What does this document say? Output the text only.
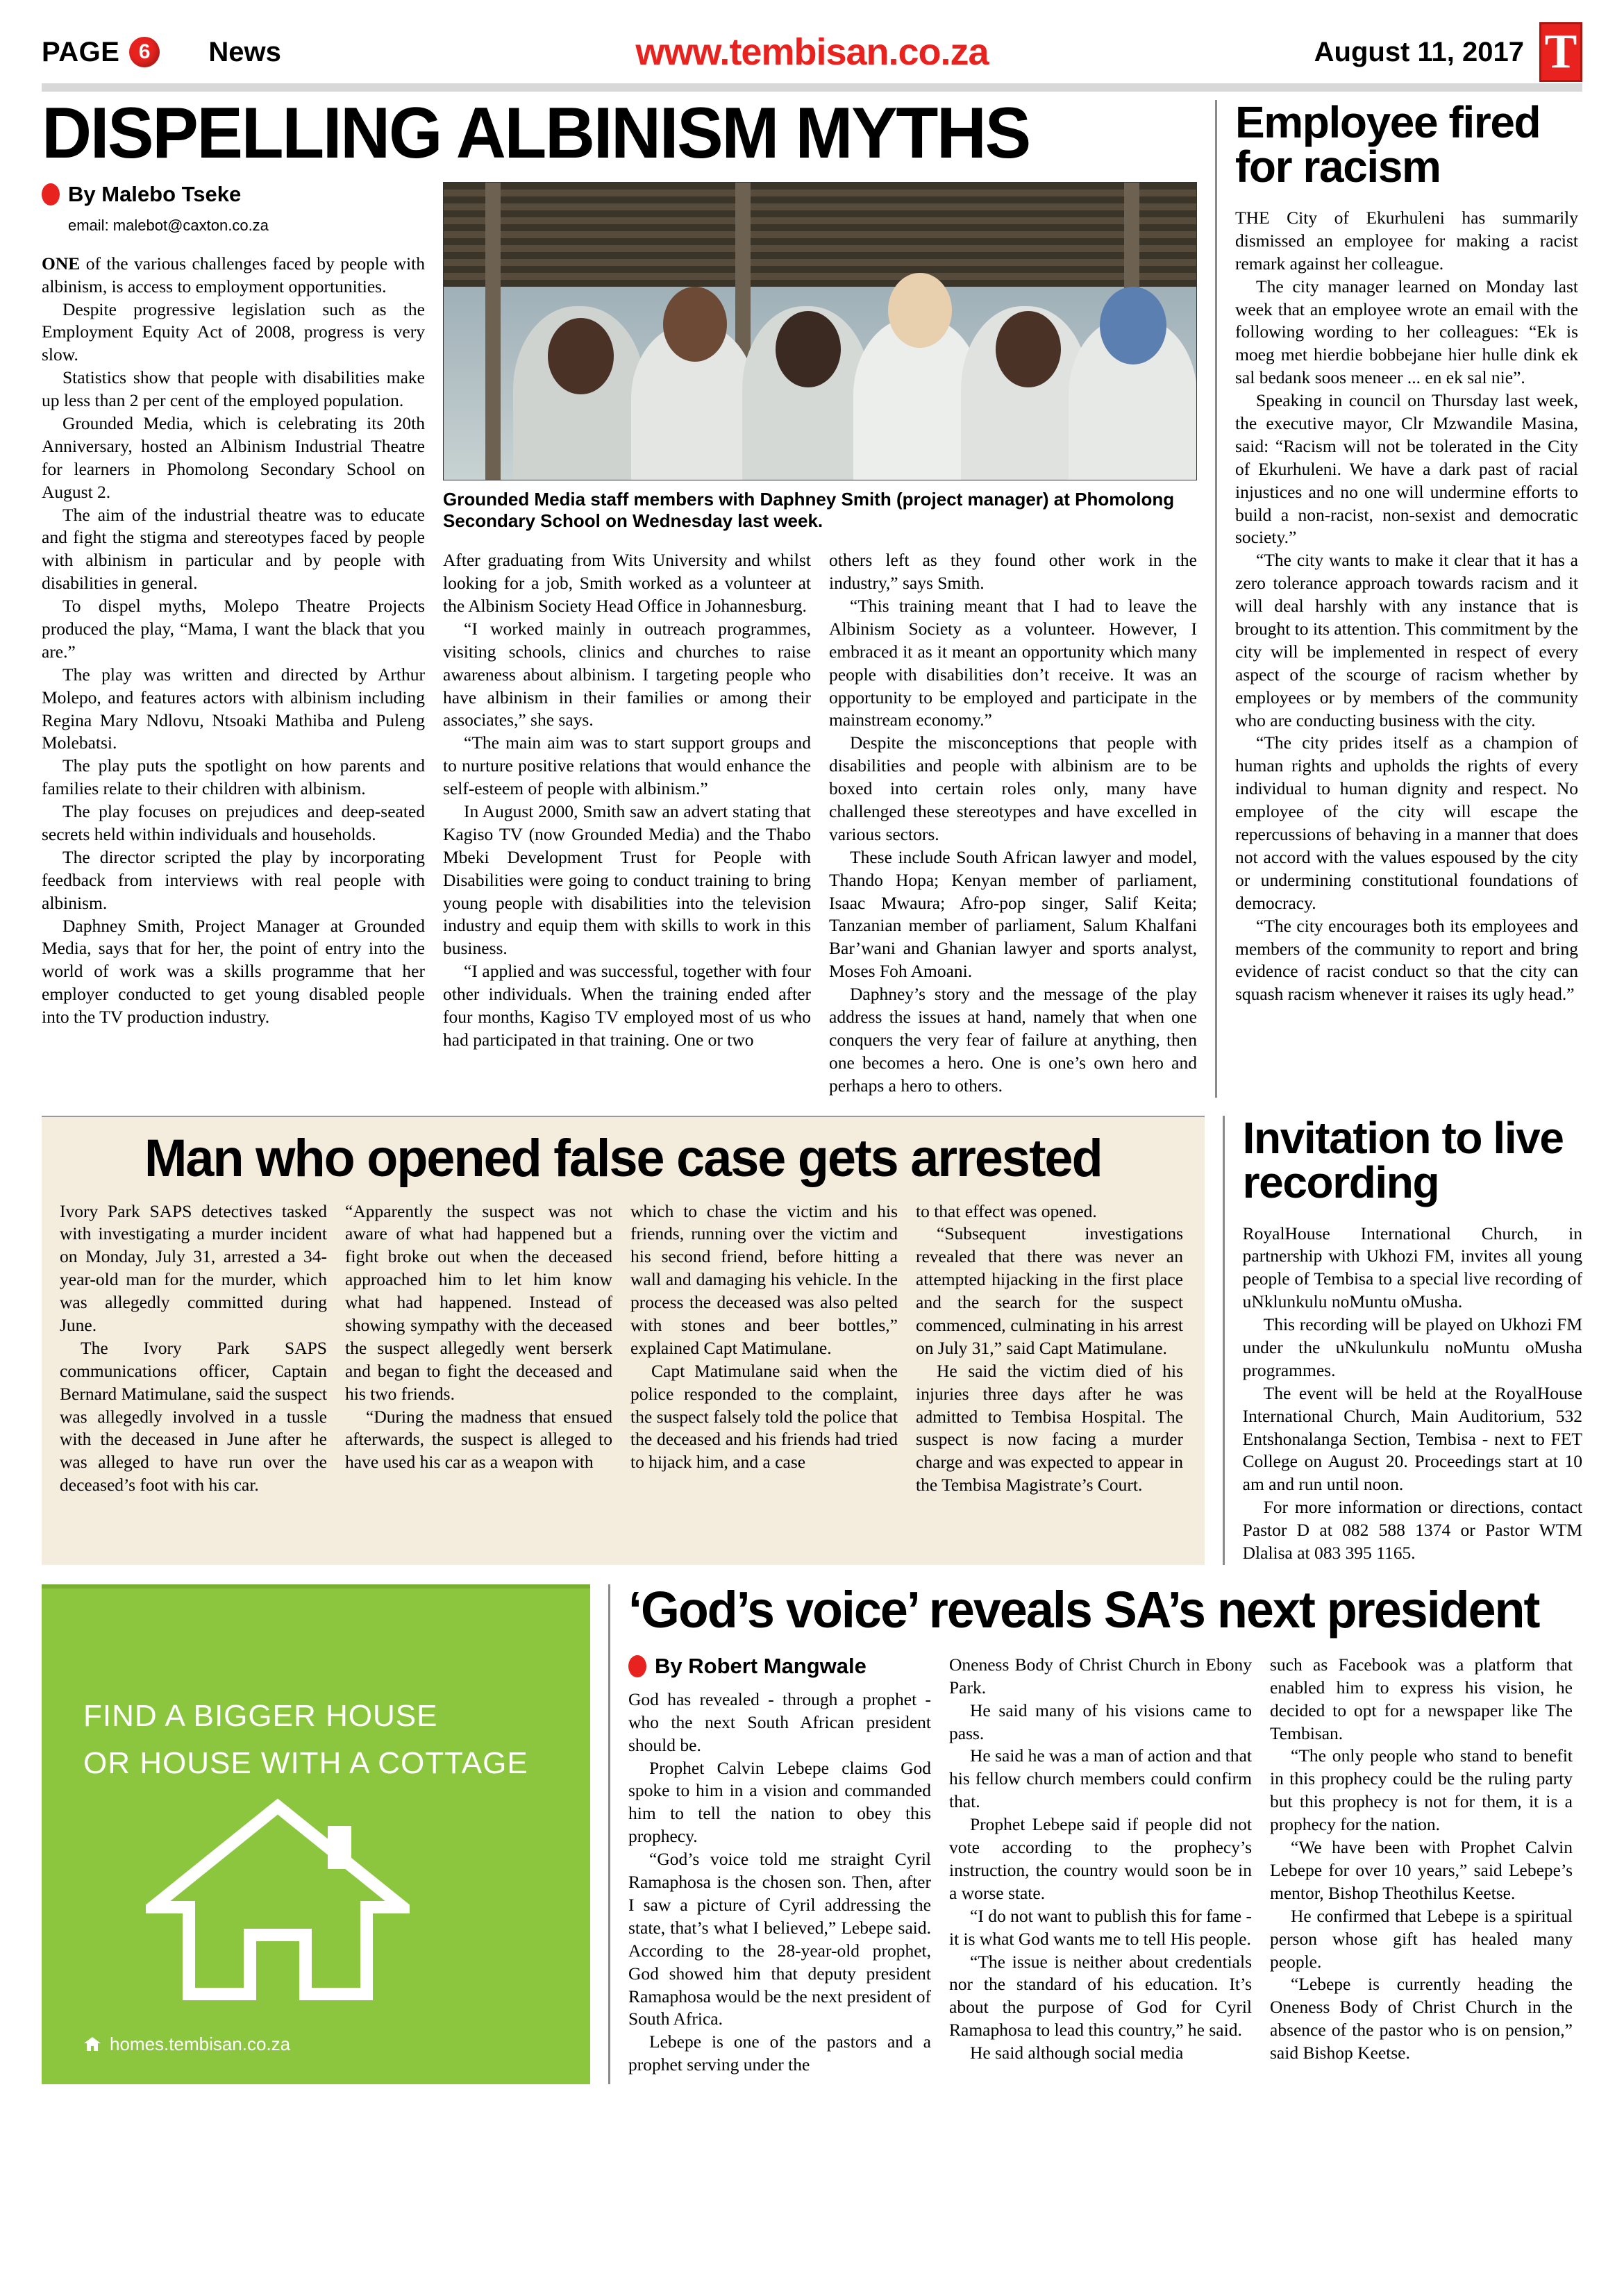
PAGE 6	News	www.tembisan.co.za	August 11, 2017 T
DISPELLING ALBINISM MYTHS
By Malebo Tseke
email: malebot@caxton.co.za

ONE of the various challenges faced by people with albinism, is access to employment opportunities.

Despite progressive legislation such as the Employment Equity Act of 2008, progress is very slow.

Statistics show that people with disabilities make up less than 2 per cent of the employed population.

Grounded Media, which is celebrating its 20th Anniversary, hosted an Albinism Industrial Theatre for learners in Phomolong Secondary School on August 2.

The aim of the industrial theatre was to educate and fight the stigma and stereotypes faced by people with albinism in particular and by people with disabilities in general.

To dispel myths, Molepo Theatre Projects produced the play, “Mama, I want the black that you are.”

The play was written and directed by Arthur Molepo, and features actors with albinism including Regina Mary Ndlovu, Ntsoaki Mathiba and Puleng Molebatsi.

The play puts the spotlight on how parents and families relate to their children with albinism.

The play focuses on prejudices and deep-seated secrets held within individuals and households.

The director scripted the play by incorporating feedback from interviews with real people with albinism.

Daphney Smith, Project Manager at Grounded Media, says that for her, the point of entry into the world of work was a skills programme that her employer conducted to get young disabled people into the TV production industry.

Grounded Media staff members with Daphney Smith (project manager) at Phomolong Secondary School on Wednesday last week.

After graduating from Wits University and whilst looking for a job, Smith worked as a volunteer at the Albinism Society Head Office in Johannesburg.

“I worked mainly in outreach programmes, visiting schools, clinics and churches to raise awareness about albinism. I targeting people who have albinism in their families or among their associates,” she says.

“The main aim was to start support groups and to nurture positive relations that would enhance the self-esteem of people with albinism.”

In August 2000, Smith saw an advert stating that Kagiso TV (now Grounded Media) and the Thabo Mbeki Development Trust for People with Disabilities were going to conduct training to bring young people with disabilities into the television industry and equip them with skills to work in this business.

“I applied and was successful, together with four other individuals. When the training ended after four months, Kagiso TV employed most of us who had participated in that training. One or two

others left as they found other work in the industry,” says Smith.

“This training meant that I had to leave the Albinism Society as a volunteer. However, I embraced it as it meant an opportunity which many people with disabilities don’t receive. It was an opportunity to be employed and participate in the mainstream economy.”

Despite the misconceptions that people with disabilities and people with albinism are to be boxed into certain roles only, many have challenged these stereotypes and have excelled in various sectors.

These include South African lawyer and model, Thando Hopa; Kenyan member of parliament, Isaac Mwaura; Afro-pop singer, Salif Keita; Tanzanian member of parliament, Salum Khalfani Bar’wani and Ghanian lawyer and sports analyst, Moses Foh Amoani.

Daphney’s story and the message of the play address the issues at hand, namely that when one conquers the very fear of failure at anything, then one becomes a hero. One is one’s own hero and perhaps a hero to others.

Employee fired for racism

THE City of Ekurhuleni has summarily dismissed an employee for making a racist remark against her colleague.

The city manager learned on Monday last week that an employee wrote an email with the following wording to her colleagues: “Ek is moeg met hierdie bobbejane hier hulle dink ek sal bedank soos meneer ... en ek sal nie”.

Speaking in council on Thursday last week, the executive mayor, Clr Mzwandile Masina, said: “Racism will not be tolerated in the City of Ekurhuleni. We have a dark past of racial injustices and no one will undermine efforts to build a non-racist, non-sexist and democratic society.”

“The city wants to make it clear that it has a zero tolerance approach towards racism and it will deal harshly with any instance that is brought to its attention. This commitment by the city will be implemented in respect of every aspect of the scourge of racism whether by employees or by members of the community who are conducting business with the city.

“The city prides itself as a champion of human rights and upholds the rights of every individual to human dignity and respect. No employee of the city will escape the repercussions of behaving in a manner that does not accord with the values espoused by the city or undermining constitutional foundations of democracy.

“The city encourages both its employees and members of the community to report and bring evidence of racist conduct so that the city can squash racism whenever it raises its ugly head.”

Man who opened false case gets arrested

Ivory Park SAPS detectives tasked with investigating a murder incident on Monday, July 31, arrested a 34-year-old man for the murder, which was allegedly committed during June.

The Ivory Park SAPS communications officer, Captain Bernard Matimulane, said the suspect was allegedly involved in a tussle with the deceased in June after he was alleged to have run over the deceased’s foot with his car.

“Apparently the suspect was not aware of what had happened but a fight broke out when the deceased approached him to let him know what had happened. Instead of showing sympathy with the deceased the suspect allegedly went berserk and began to fight the deceased and his two friends.

“During the madness that ensued afterwards, the suspect is alleged to have used his car as a weapon with

which to chase the victim and his friends, running over the victim and his second friend, before hitting a wall and damaging his vehicle. In the process the deceased was also pelted with stones and beer bottles,” explained Capt Matimulane.

Capt Matimulane said when the police responded to the complaint, the suspect falsely told the police that the deceased and his friends had tried to hijack him, and a case

to that effect was opened.

“Subsequent investigations revealed that there was never an attempted hijacking in the first place and the search for the suspect commenced, culminating in his arrest on July 31,” said Capt Matimulane.

He said the victim died of his injuries three days after he was admitted to Tembisa Hospital. The suspect is now facing a murder charge and was expected to appear in the Tembisa Magistrate’s Court.

Invitation to live recording

RoyalHouse International Church, in partnership with Ukhozi FM, invites all young people of Tembisa to a special live recording of uNklunkulu noMuntu oMusha.

This recording will be played on Ukhozi FM under the uNkulunkulu noMuntu oMusha programmes.

The event will be held at the RoyalHouse International Church, Main Auditorium, 532 Entshonalanga Section, Tembisa - next to FET College on August 20. Proceedings start at 10 am and run until noon.

For more information or directions, contact Pastor D at 082 588 1374 or Pastor WTM Dlalisa at 083 395 1165.

FIND A BIGGER HOUSE
OR HOUSE WITH A COTTAGE
homes.tembisan.co.za
‘God’s voice’ reveals SA’s next president
By Robert Mangwale

God has revealed - through a prophet - who the next South African president should be.

Prophet Calvin Lebepe claims God spoke to him in a vision and commanded him to tell the nation to obey this prophecy.

“God’s voice told me straight Cyril Ramaphosa is the chosen son. Then, after I saw a picture of Cyril addressing the state, that’s what I believed,” Lebepe said. According to the 28-year-old prophet, God showed him that deputy president Ramaphosa would be the next president of South Africa.

Lebepe is one of the pastors and a prophet serving under the

Oneness Body of Christ Church in Ebony Park.

He said many of his visions came to pass.

He said he was a man of action and that his fellow church members could confirm that.

Prophet Lebepe said if people did not vote according to the prophecy’s instruction, the country would soon be in a worse state.

“I do not want to publish this for fame - it is what God wants me to tell His people.

“The issue is neither about credentials nor the standard of his education. It’s about the purpose of God for Cyril Ramaphosa to lead this country,” he said.

He said although social media

such as Facebook was a platform that enabled him to express his vision, he decided to opt for a newspaper like The Tembisan.

“The only people who stand to benefit in this prophecy could be the ruling party but this prophecy is not for them, it is a prophecy for the nation.

“We have been with Prophet Calvin Lebepe for over 10 years,” said Lebepe’s mentor, Bishop Theothilus Keetse.

He confirmed that Lebepe is a spiritual person whose gift has healed many people.

“Lebepe is currently heading the Oneness Body of Christ Church in the absence of the pastor who is on pension,” said Bishop Keetse.
